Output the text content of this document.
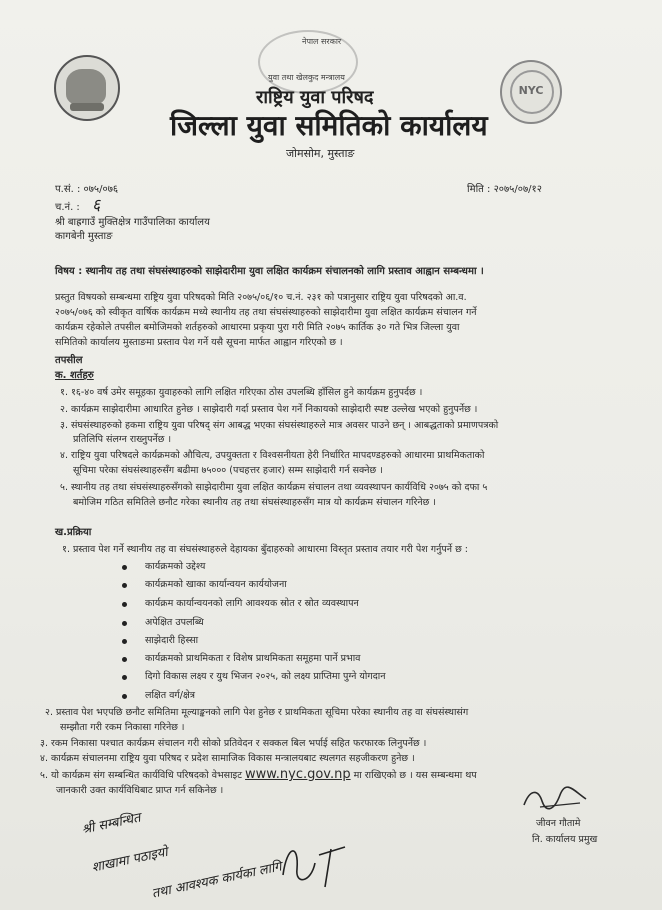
NYC
नेपाल सरकार
युवा तथा खेलकुद मन्त्रालय
राष्ट्रिय युवा परिषद
जिल्ला युवा समितिको कार्यालय
जोमसोम, मुस्ताङ
प.सं. : ०७५/०७६	मिति : २०७५/०७/१२
च.नं. : ६
श्री बाह्रगाउँ मुक्तिक्षेत्र गाउँपालिका कार्यालय
कागबेनी मुस्ताङ
विषय : स्थानीय तह तथा संघसंस्थाहरुको साझेदारीमा युवा लक्षित कार्यक्रम संचालनको लागि प्रस्ताव आह्वान सम्बन्धमा ।
प्रस्तुत विषयको सम्बन्धमा राष्ट्रिय युवा परिषदको मिति २०७५/०६/१० च.नं. २३१ को पत्रानुसार राष्ट्रिय युवा परिषदको आ.व.
२०७५/०७६ को स्वीकृत वार्षिक कार्यक्रम मध्ये स्थानीय तह तथा संघसंस्थाहरुको साझेदारीमा युवा लक्षित कार्यक्रम संचालन गर्ने
कार्यक्रम रहेकोले तपसील बमोजिमको शर्तहरुको आधारमा प्रकृया पुरा गरी मिति २०७५ कार्तिक ३० गते भित्र जिल्ला युवा
समितिको कार्यालय मुस्ताङमा प्रस्ताव पेश गर्ने यसै सूचना मार्फत आह्वान गरिएको छ ।
तपसील
क. शर्तहरु
१. १६-४० वर्ष उमेर समूहका युवाहरुको लागि लक्षित गरिएका ठोस उपलब्धि हाँसिल हुने कार्यक्रम हुनुपर्दछ ।
२. कार्यक्रम साझेदारीमा आधारित हुनेछ । साझेदारी गर्दा प्रस्ताव पेश गर्ने निकायको साझेदारी स्पष्ट उल्लेख भएको हुनुपर्नेछ ।
३. संघसंस्थाहरुको हकमा राष्ट्रिय युवा परिषद् संग आबद्ध भएका संघसंस्थाहरुले मात्र अवसर पाउने छन् । आबद्धताको प्रमाणपत्रको
प्रतिलिपि संलग्न राख्नुपर्नेछ ।
४. राष्ट्रिय युवा परिषदले कार्यक्रमको औचित्य, उपयुक्तता र विश्वसनीयता हेरी निर्धारित मापदण्डहरुको आधारमा प्राथमिकताको
सूचिमा परेका संघसंस्थाहरुसँग बढीमा ७५००० (पचहत्तर हजार) सम्म साझेदारी गर्न सक्नेछ ।
५. स्थानीय तह तथा संघसंस्थाहरुसँगको साझेदारीमा युवा लक्षित कार्यक्रम संचालन तथा व्यवस्थापन कार्यविधि २०७५ को दफा ५
बमोजिम गठित समितिले छनौट गरेका स्थानीय तह तथा संघसंस्थाहरुसँग मात्र यो कार्यक्रम संचालन गरिनेछ ।
ख.प्रक्रिया
१. प्रस्ताव पेश गर्ने स्थानीय तह वा संघसंस्थाहरुले देहायका बुँदाहरुको आधारमा विस्तृत प्रस्ताव तयार गरी पेश गर्नुपर्ने छ :
कार्यक्रमको उद्देश्य
कार्यक्रमको खाका कार्यान्वयन कार्ययोजना
कार्यक्रम कार्यान्वयनको लागि आवश्यक स्रोत र स्रोत व्यवस्थापन
अपेक्षित उपलब्धि
साझेदारी हिस्सा
कार्यक्रमको प्राथमिकता र विशेष प्राथमिकता समूहमा पार्ने प्रभाव
दिगो विकास लक्ष्य र युथ भिजन २०२५, को लक्ष्य प्राप्तिमा पुग्ने योगदान
लक्षित वर्ग/क्षेत्र
२. प्रस्ताव पेश भएपछि छनौट समितिमा मूल्याङ्कनको लागि पेश हुनेछ र प्राथमिकता सूचिमा परेका स्थानीय तह वा संघसंस्थासंग
सम्झौता गरी रकम निकासा गरिनेछ ।
३. रकम निकासा पश्चात कार्यक्रम संचालन गरी सोको प्रतिवेदन र सक्कल बिल भर्पाई सहित फरफारक लिनुपर्नेछ ।
४. कार्यक्रम संचालनमा राष्ट्रिय युवा परिषद र प्रदेश सामाजिक विकास मन्त्रालयबाट स्थलगत सहजीकरण हुनेछ ।
५. यो कार्यक्रम संग सम्बन्धित कार्यविधि परिषदको वेभसाइट www.nyc.gov.np मा राखिएको छ । यस सम्बन्धमा थप
जानकारी उक्त कार्यविधिबाट प्राप्त गर्न सकिनेछ ।
जीवन गौतामे
नि. कार्यालय प्रमुख
श्री सम्बन्धित
शाखामा पठाइयो
तथा आवश्यक कार्यका लागि
